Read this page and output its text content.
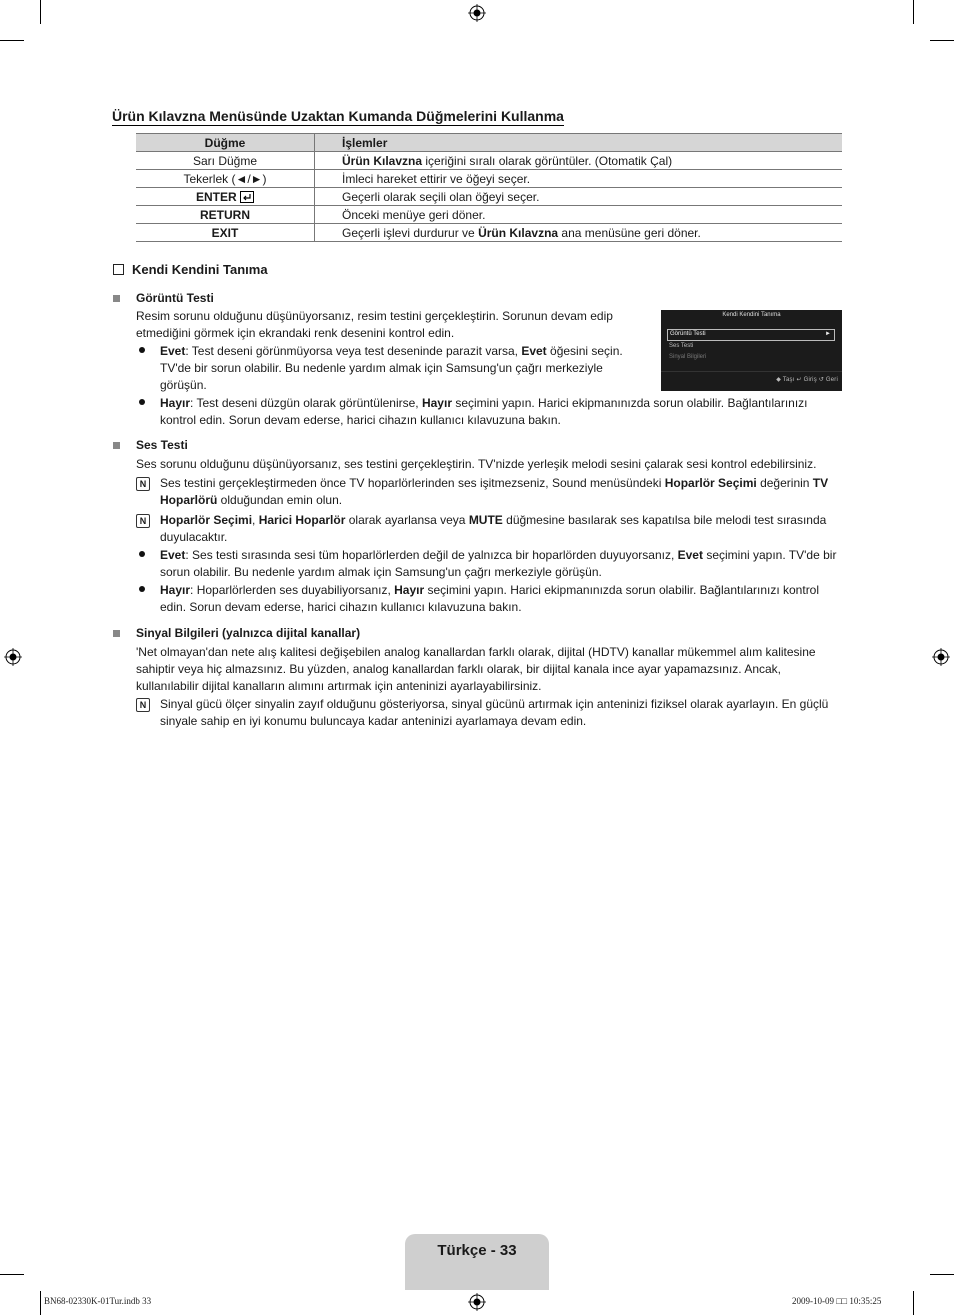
Ürün Kılavzna Menüsünde Uzaktan Kumanda Düğmelerini Kullanma
Düğme	İşlemler
Sarı Düğme	Ürün Kılavzna içeriğini sıralı olarak görüntüler. (Otomatik Çal)
Tekerlek (◄/►)	İmleci hareket ettirir ve öğeyi seçer.
ENTER	Geçerli olarak seçili olan öğeyi seçer.
RETURN	Önceki menüye geri döner.
EXIT	Geçerli işlevi durdurur ve Ürün Kılavzna ana menüsüne geri döner.
Kendi Kendini Tanıma
Görüntü Testi
Resim sorunu olduğunu düşünüyorsanız, resim testini gerçekleştirin. Sorunun devam edip etmediğini görmek için ekrandaki renk desenini kontrol edin.
Evet: Test deseni görünmüyorsa veya test deseninde parazit varsa, Evet öğesini seçin. TV'de bir sorun olabilir. Bu nedenle yardım almak için Samsung'un çağrı merkeziyle görüşün.
Hayır: Test deseni düzgün olarak görüntülenirse, Hayır seçimini yapın. Harici ekipmanınızda sorun olabilir. Bağlantılarınızı kontrol edin. Sorun devam ederse, harici cihazın kullanıcı kılavuzuna bakın.
Kendi Kendini Tanıma
Görüntü Testi	►
Ses Testi
Sinyal Bilgileri
◆ Taşı ↵ Giriş ↺ Geri
Ses Testi
Ses sorunu olduğunu düşünüyorsanız, ses testini gerçekleştirin. TV'nizde yerleşik melodi sesini çalarak sesi kontrol edebilirsiniz.
N	Ses testini gerçekleştirmeden önce TV hoparlörlerinden ses işitmezseniz, Sound menüsündeki Hoparlör Seçimi değerinin TV Hoparlörü olduğundan emin olun.
N	Hoparlör Seçimi, Harici Hoparlör olarak ayarlansa veya MUTE düğmesine basılarak ses kapatılsa bile melodi test sırasında duyulacaktır.
Evet: Ses testi sırasında sesi tüm hoparlörlerden değil de yalnızca bir hoparlörden duyuyorsanız, Evet seçimini yapın. TV'de bir sorun olabilir. Bu nedenle yardım almak için Samsung'un çağrı merkeziyle görüşün.
Hayır: Hoparlörlerden ses duyabiliyorsanız, Hayır seçimini yapın. Harici ekipmanınızda sorun olabilir. Bağlantılarınızı kontrol edin. Sorun devam ederse, harici cihazın kullanıcı kılavuzuna bakın.
Sinyal Bilgileri (yalnızca dijital kanallar)
'Net olmayan'dan nete alış kalitesi değişebilen analog kanallardan farklı olarak, dijital (HDTV) kanallar mükemmel alım kalitesine sahiptir veya hiç almazsınız. Bu yüzden, analog kanallardan farklı olarak, bir dijital kanala ince ayar yapamazsınız. Ancak, kullanılabilir dijital kanalların alımını artırmak için anteninizi ayarlayabilirsiniz.
N	Sinyal gücü ölçer sinyalin zayıf olduğunu gösteriyorsa, sinyal gücünü artırmak için anteninizi fiziksel olarak ayarlayın. En güçlü sinyale sahip en iyi konumu buluncaya kadar anteninizi ayarlamaya devam edin.
Türkçe - 33
BN68-02330K-01Tur.indb 33	2009-10-09 □□ 10:35:25
